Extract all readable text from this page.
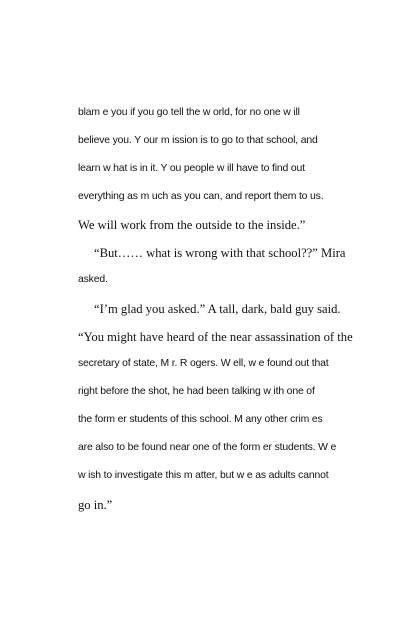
blam e you if you go tell the w orld, for no one w ill
believe you. Y our m ission is to go to that school, and
learn w hat is in it. Y ou people w ill have to find out
everything as m uch as you can, and report them to us.
We will work from the outside to the inside.”
“But…… what is wrong with that school??” Mira
asked.
“I’m glad you asked.” A tall, dark, bald guy said.
“You might have heard of the near assassination of the
secretary of state, M r. R ogers. W ell, w e found out that
right before the shot, he had been talking w ith one of
the form er students of this school. M any other crim es
are also to be found near one of the form er students. W e
w ish to investigate this m atter, but w e as adults cannot
go in.”
